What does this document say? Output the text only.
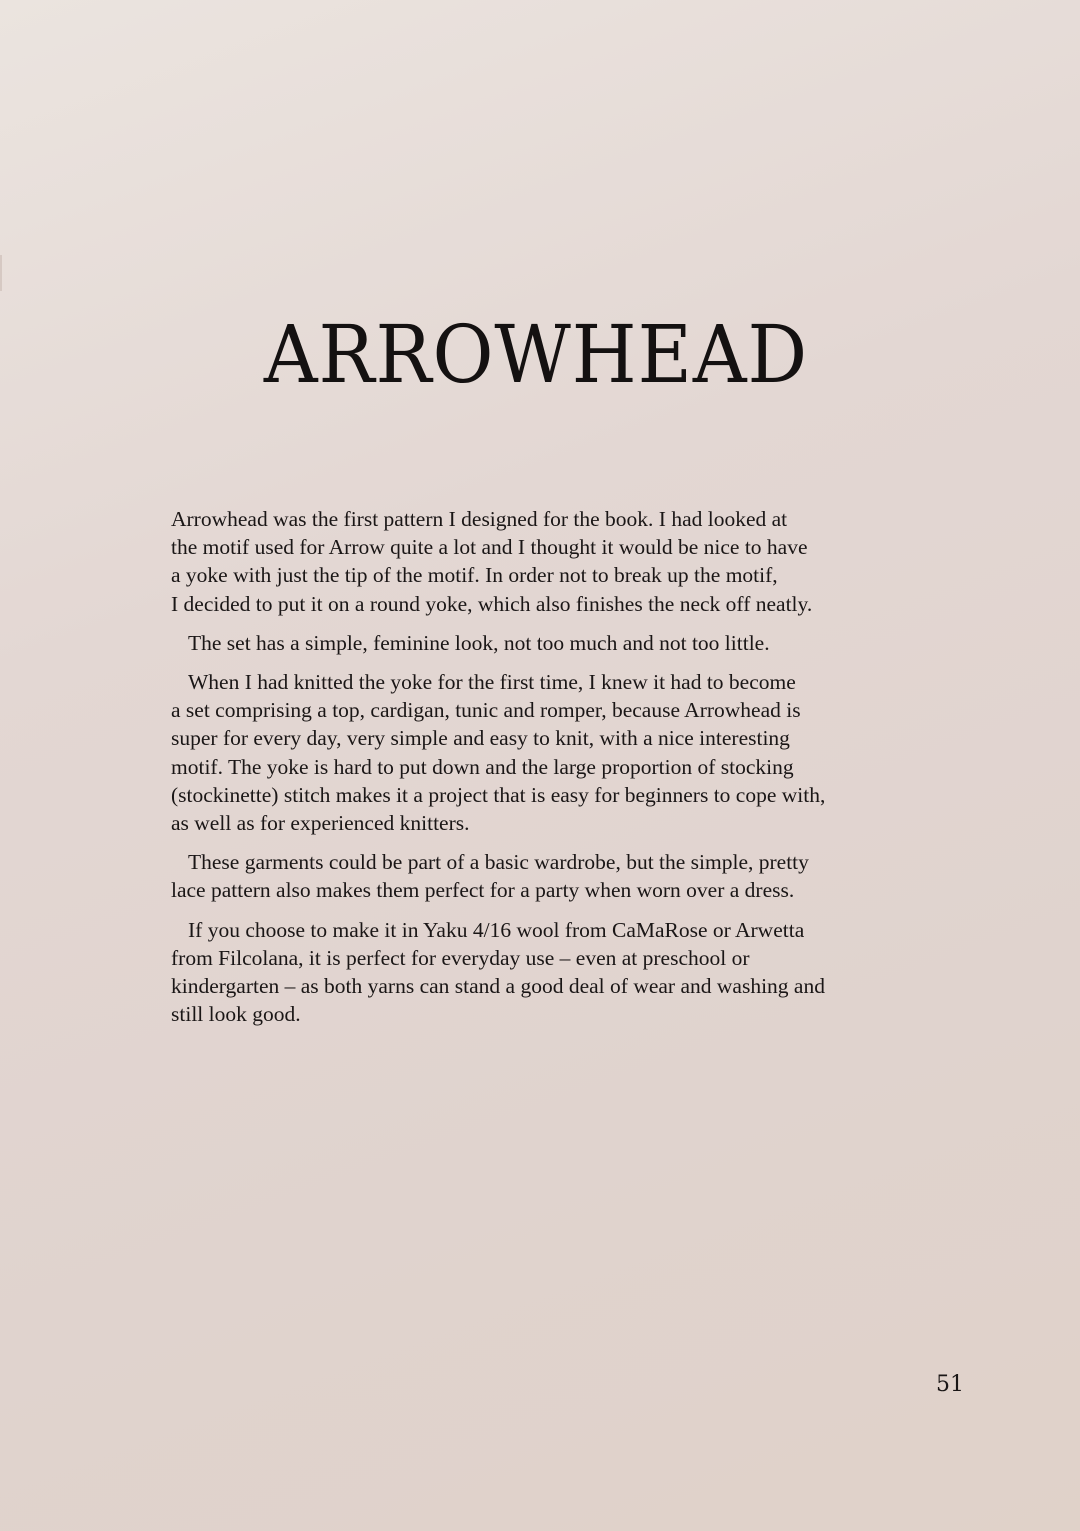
ARROWHEAD

Arrowhead was the first pattern I designed for the book. I had looked at
the motif used for Arrow quite a lot and I thought it would be nice to have
a yoke with just the tip of the motif. In order not to break up the motif,
I decided to put it on a round yoke, which also finishes the neck off neatly.

The set has a simple, feminine look, not too much and not too little.

When I had knitted the yoke for the first time, I knew it had to become
a set comprising a top, cardigan, tunic and romper, because Arrowhead is
super for every day, very simple and easy to knit, with a nice interesting
motif. The yoke is hard to put down and the large proportion of stocking
(stockinette) stitch makes it a project that is easy for beginners to cope with,
as well as for experienced knitters.

These garments could be part of a basic wardrobe, but the simple, pretty
lace pattern also makes them perfect for a party when worn over a dress.

If you choose to make it in Yaku 4/16 wool from CaMaRose or Arwetta
from Filcolana, it is perfect for everyday use – even at preschool or
kindergarten – as both yarns can stand a good deal of wear and washing and
still look good.

51
